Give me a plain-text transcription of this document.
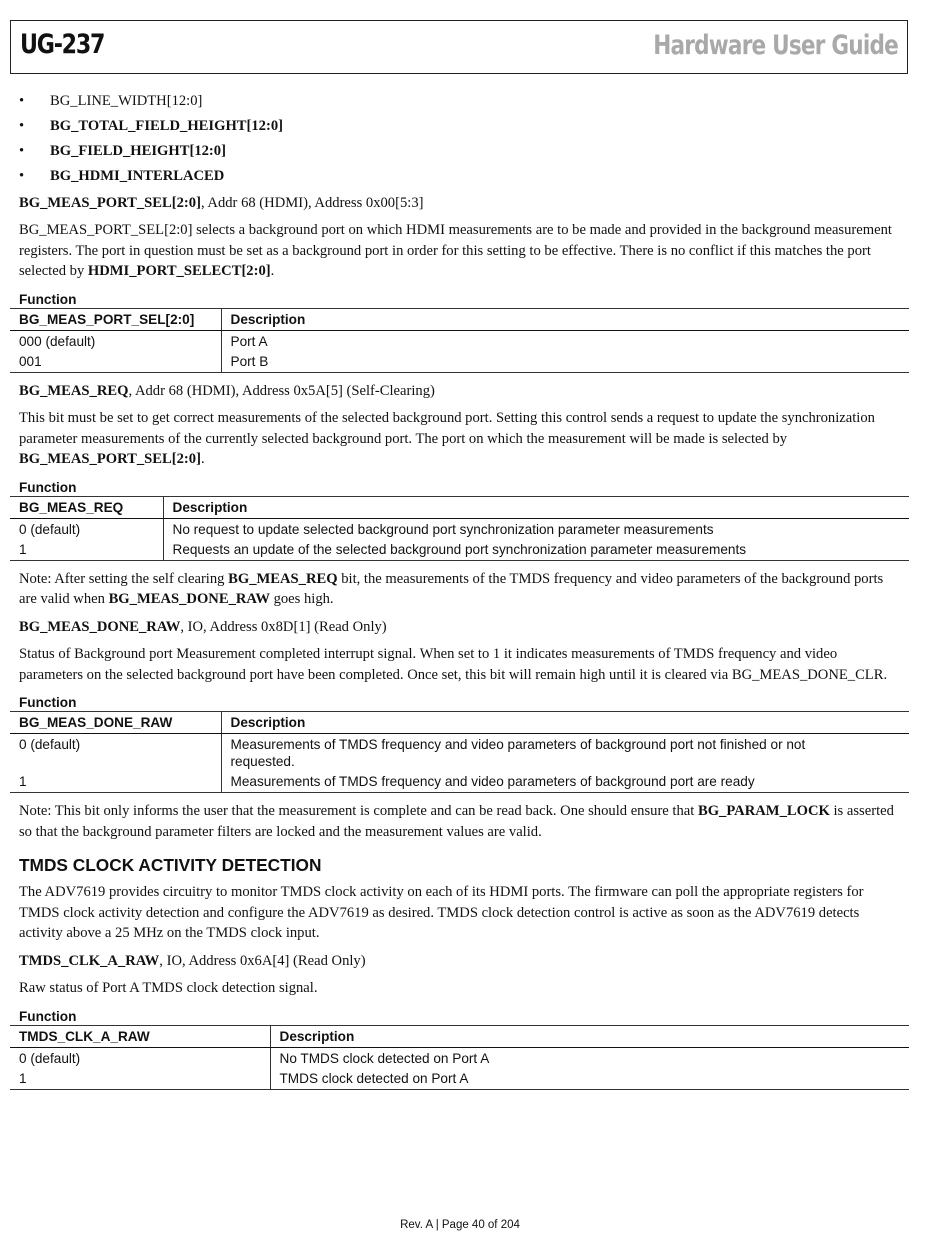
UG-237	Hardware User Guide
• BG_LINE_WIDTH[12:0]
• BG_TOTAL_FIELD_HEIGHT[12:0]
• BG_FIELD_HEIGHT[12:0]
• BG_HDMI_INTERLACED

BG_MEAS_PORT_SEL[2:0], Addr 68 (HDMI), Address 0x00[5:3]

BG_MEAS_PORT_SEL[2:0] selects a background port on which HDMI measurements are to be made and provided in the background measurement registers. The port in question must be set as a background port in order for this setting to be effective. There is no conflict if this matches the port selected by HDMI_PORT_SELECT[2:0].

Function
BG_MEAS_PORT_SEL[2:0]	Description
000 (default)	Port A
001	Port B

BG_MEAS_REQ, Addr 68 (HDMI), Address 0x5A[5] (Self-Clearing)

This bit must be set to get correct measurements of the selected background port. Setting this control sends a request to update the synchronization parameter measurements of the currently selected background port. The port on which the measurement will be made is selected by BG_MEAS_PORT_SEL[2:0].

Function
BG_MEAS_REQ	Description
0 (default)	No request to update selected background port synchronization parameter measurements
1	Requests an update of the selected background port synchronization parameter measurements

Note: After setting the self clearing BG_MEAS_REQ bit, the measurements of the TMDS frequency and video parameters of the background ports are valid when BG_MEAS_DONE_RAW goes high.

BG_MEAS_DONE_RAW, IO, Address 0x8D[1] (Read Only)

Status of Background port Measurement completed interrupt signal. When set to 1 it indicates measurements of TMDS frequency and video parameters on the selected background port have been completed. Once set, this bit will remain high until it is cleared via BG_MEAS_DONE_CLR.

Function
BG_MEAS_DONE_RAW	Description
0 (default)	Measurements of TMDS frequency and video parameters of background port not finished or not requested.
1	Measurements of TMDS frequency and video parameters of background port are ready

Note: This bit only informs the user that the measurement is complete and can be read back. One should ensure that BG_PARAM_LOCK is asserted so that the background parameter filters are locked and the measurement values are valid.

TMDS CLOCK ACTIVITY DETECTION

The ADV7619 provides circuitry to monitor TMDS clock activity on each of its HDMI ports. The firmware can poll the appropriate registers for TMDS clock activity detection and configure the ADV7619 as desired. TMDS clock detection control is active as soon as the ADV7619 detects activity above a 25 MHz on the TMDS clock input.

TMDS_CLK_A_RAW, IO, Address 0x6A[4] (Read Only)

Raw status of Port A TMDS clock detection signal.

Function
TMDS_CLK_A_RAW	Description
0 (default)	No TMDS clock detected on Port A
1	TMDS clock detected on Port A
Rev. A | Page 40 of 204
